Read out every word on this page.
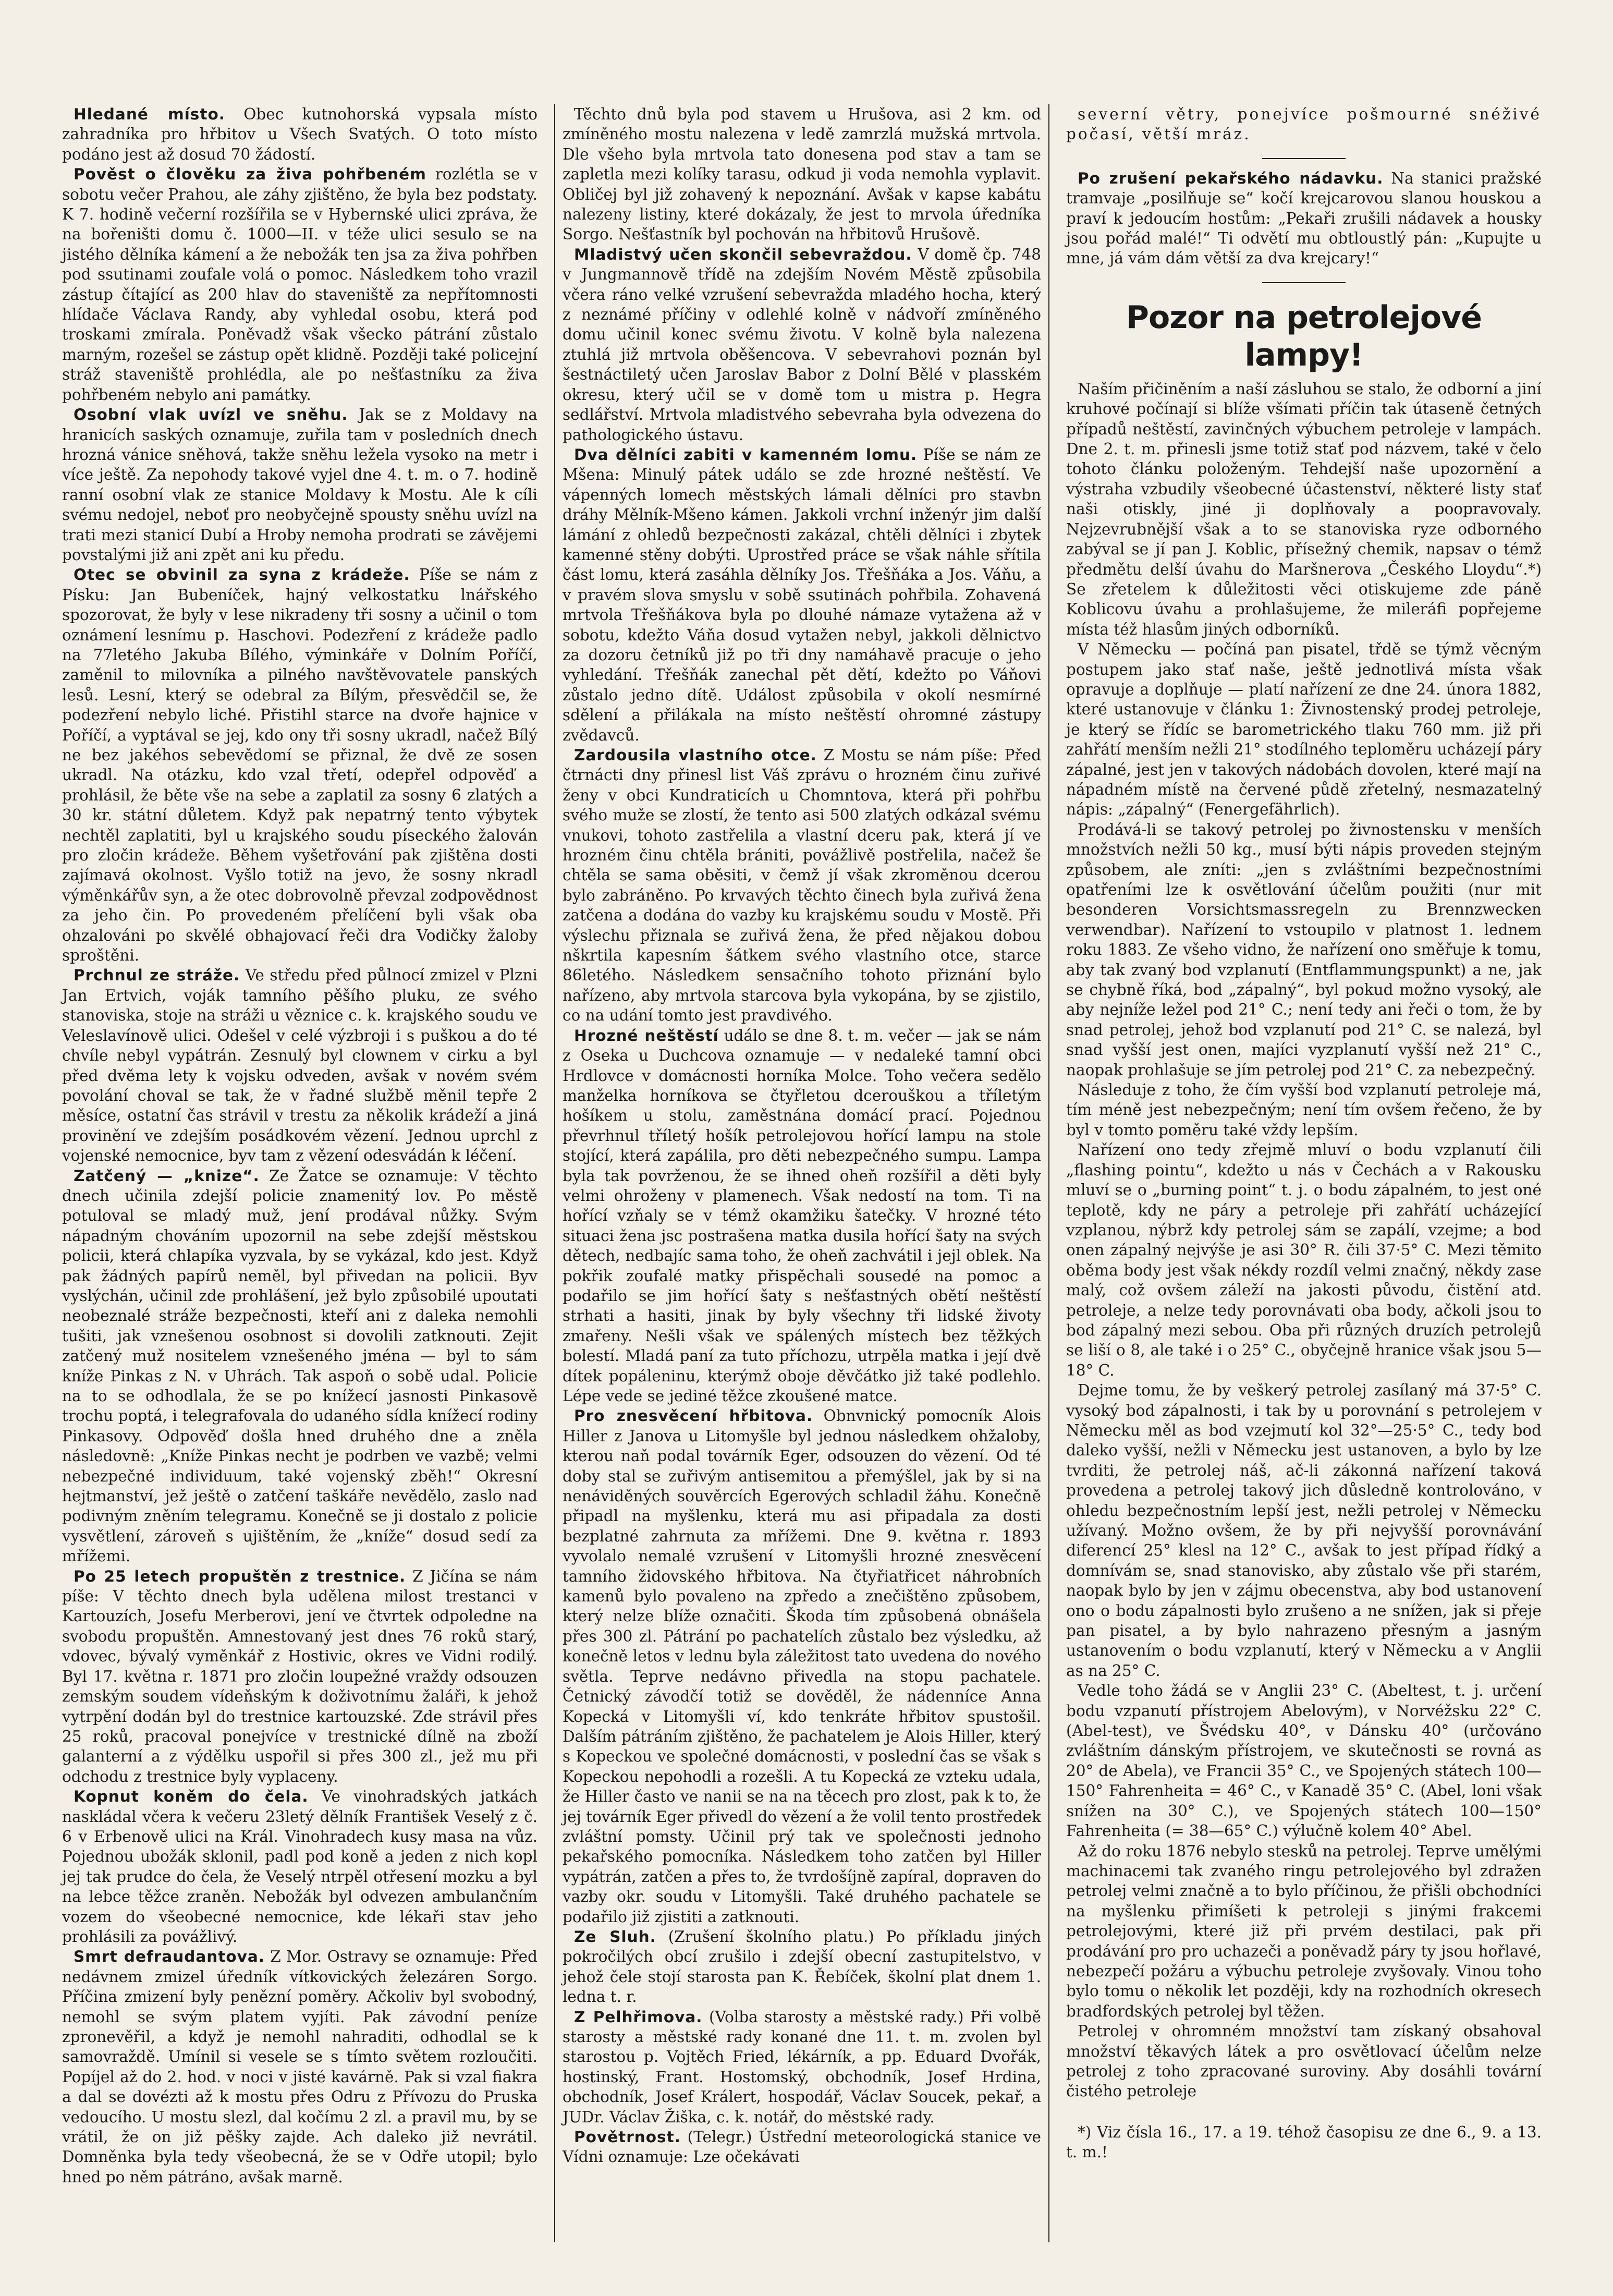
Hledané místo. Obec kutnohorská vypsala místo zahradníka pro hřbitov u Všech Svatých. O toto místo podáno jest až dosud 70 žádostí.
Pověst o člověku za živa pohřbeném rozlétla se v sobotu večer Prahou, ale záhy zjištěno, že byla bez podstaty. K 7. hodině večerní rozšířila se v Hybernské ulici zpráva, že na bořeništi domu č. 1000—II. v téže ulici sesulo se na jistého dělníka kámení a že nebožák ten jsa za živa pohřben pod ssutinami zoufale volá o pomoc. Následkem toho vrazil zástup čítající as 200 hlav do staveniště za nepřítomnosti hlídače Václava Randy, aby vyhledal osobu, která pod troskami zmírala. Poněvadž však všecko pátrání zůstalo marným, rozešel se zástup opět klidně. Později také policejní stráž staveniště prohlédla, ale po nešťastníku za živa pohřbeném nebylo ani památky.
Osobní vlak uvízl ve sněhu. Jak se z Moldavy na hranicích saských oznamuje, zuřila tam v posledních dnech hrozná vánice sněhová, takže sněhu ležela vysoko na metr i více ještě. Za nepohody takové vyjel dne 4. t. m. o 7. hodině ranní osobní vlak ze stanice Moldavy k Mostu. Ale k cíli svému nedojel, neboť pro neobyčejně spousty sněhu uvízl na trati mezi stanicí Dubí a Hroby nemoha prodrati se závějemi povstalými již ani zpět ani ku předu.
Otec se obvinil za syna z krádeže. Píše se nám z Písku: Jan Bubeníček, hajný velkostatku lnářského spozorovat, že byly v lese nikradeny tři sosny a učinil o tom oznámení lesnímu p. Haschovi. Podezření z krádeže padlo na 77letého Jakuba Bílého, výminkáře v Dolním Poříčí, zaměnil to milovníka a pilného navštěvovatele panských lesů. Lesní, který se odebral za Bílým, přesvědčil se, že podezření nebylo liché. Přistihl starce na dvoře hajnice v Poříčí, a vyptával se jej, kdo ony tři sosny ukradl, načež Bílý ne bez jakéhos sebevědomí se přiznal, že dvě ze sosen ukradl. Na otázku, kdo vzal třetí, odepřel odpověď a prohlásil, že běte vše na sebe a zaplatil za sosny 6 zlatých a 30 kr. státní důletem. Když pak nepatrný tento výbytek nechtěl zaplatiti, byl u krajského soudu píseckého žalován pro zločin krádeže. Během vyšetřování pak zjištěna dosti zajímavá okolnost. Vyšlo totiž na jevo, že sosny nkradl výměnkářův syn, a že otec dobrovolně převzal zodpovědnost za jeho čin. Po provedeném přelíčení byli však oba ohzalováni po skvělé obhajovací řeči dra Vodičky žaloby sproštěni.
Prchnul ze stráže. Ve středu před půlnocí zmizel v Plzni Jan Ertvich, voják tamního pěšího pluku, ze svého stanoviska, stoje na stráži u věznice c. k. krajského soudu ve Veleslavínově ulici. Odešel v celé výzbroji i s puškou a do té chvíle nebyl vypátrán. Zesnulý byl clownem v cirku a byl před dvěma lety k vojsku odveden, avšak v novém svém povolání choval se tak, že v řadné službě měnil tepře 2 měsíce, ostatní čas strávil v trestu za několik krádeží a jiná provinění ve zdejším posádkovém vězení. Jednou uprchl z vojenské nemocnice, byv tam z vězení odesvádán k léčení.
Zatčený — „knize“. Ze Žatce se oznamuje: V těchto dnech učinila zdejší policie znamenitý lov. Po městě potuloval se mladý muž, jení prodával nůžky. Svým nápadným chováním upozornil na sebe zdejší městskou policii, která chlapíka vyzvala, by se vykázal, kdo jest. Když pak žádných papírů neměl, byl přivedan na policii. Byv vyslýchán, učinil zde prohlášení, jež bylo způsobilé upoutati neobeznalé stráže bezpečnosti, kteří ani z daleka nemohli tušiti, jak vznešenou osobnost si dovolili zatknouti. Zejit zatčený muž nositelem vznešeného jména — byl to sám kníže Pinkas z N. v Uhrách. Tak aspoň o sobě udal. Policie na to se odhodlala, že se po knížecí jasnosti Pinkasově trochu poptá, i telegrafovala do udaného sídla knížecí rodiny Pinkasovy. Odpověď došla hned druhého dne a zněla následovně: „Kníže Pinkas necht je podrben ve vazbě; velmi nebezpečné individuum, také vojenský zběh!“ Okresní hejtmanství, jež ještě o zatčení taškáře nevědělo, zaslo nad podivným zněním telegramu. Konečně se ji dostalo z policie vysvětlení, zároveň s ujištěním, že „kníže“ dosud sedí za mřížemi.
Po 25 letech propuštěn z trestnice. Z Jičína se nám píše: V těchto dnech byla udělena milost trestanci v Kartouzích, Josefu Merberovi, jení ve čtvrtek odpoledne na svobodu propuštěn. Amnestovaný jest dnes 76 roků starý, vdovec, bývalý vyměnkář z Hostivic, okres ve Vidni rodilý. Byl 17. května r. 1871 pro zločin loupežné vraždy odsouzen zemským soudem vídeňským k doživotnímu žaláři, k jehož vytrpění dodán byl do trestnice kartouzské. Zde strávil přes 25 roků, pracoval ponejvíce v trestnické dílně na zboží galanterní a z výdělku uspořil si přes 300 zl., jež mu při odchodu z trestnice byly vyplaceny.
Kopnut koněm do čela. Ve vinohradských jatkách naskládal včera k večeru 23letý dělník František Veselý z č. 6 v Erbenově ulici na Král. Vinohradech kusy masa na vůz. Pojednou ubožák sklonil, padl pod koně a jeden z nich kopl jej tak prudce do čela, že Veselý ntrpěl otřesení mozku a byl na lebce těžce zraněn. Nebožák byl odvezen ambulančním vozem do všeobecné nemocnice, kde lékaři stav jeho prohlásili za povážlivý.
Smrt defraudantova. Z Mor. Ostravy se oznamuje: Před nedávnem zmizel úředník vítkovických železáren Sorgo. Příčina zmizení byly penězní poměry. Ačkoliv byl svobodný, nemohl se svým platem vyjíti. Pak závodní peníze zpronevěřil, a když je nemohl nahraditi, odhodlal se k samovraždě. Umínil si vesele se s tímto světem rozloučiti. Popíjel až do 2. hod. v noci v jisté kavárně. Pak si vzal fiakra a dal se dovézti až k mostu přes Odru z Přívozu do Pruska vedoucího. U mostu slezl, dal kočímu 2 zl. a pravil mu, by se vrátil, že on již pěšky zajde. Ach daleko již nevrátil. Domněnka byla tedy všeobecná, že se v Odře utopil; bylo hned po něm pátráno, avšak marně.
Těchto dnů byla pod stavem u Hrušova, asi 2 km. od zmíněného mostu nalezena v ledě zamrzlá mužská mrtvola. Dle všeho byla mrtvola tato donesena pod stav a tam se zapletla mezi kolíky tarasu, odkud ji voda nemohla vyplavit. Obličej byl již zohavený k nepoznání. Avšak v kapse kabátu nalezeny listiny, které dokázaly, že jest to mrvola úředníka Sorgo. Nešťastník byl pochován na hřbitovů Hrušově.
Mladistvý učen skončil sebevraždou. V domě čp. 748 v Jungmannově třídě na zdejším Novém Městě způsobila včera ráno velké vzrušení sebevražda mladého hocha, který z neznámé příčiny v odlehlé kolně v nádvoří zmíněného domu učinil konec svému životu. V kolně byla nalezena ztuhlá již mrtvola oběšencova. V sebevrahovi poznán byl šestnáctiletý učen Jaroslav Babor z Dolní Bělé v plasském okresu, který učil se v domě tom u mistra p. Hegra sedlářství. Mrtvola mladistvého sebevraha byla odvezena do pathologického ústavu.
Dva dělníci zabiti v kamenném lomu. Píše se nám ze Mšena: Minulý pátek událo se zde hrozné neštěstí. Ve vápenných lomech městských lámali dělníci pro stavbn dráhy Mělník-Mšeno kámen. Jakkoli vrchní inženýr jim další lámání z ohledů bezpečnosti zakázal, chtěli dělníci i zbytek kamenné stěny dobýti. Uprostřed práce se však náhle sřítila část lomu, která zasáhla dělníky Jos. Třešňáka a Jos. Váňu, a v pravém slova smyslu v sobě ssutinách pohřbila. Zohavená mrtvola Třešňákova byla po dlouhé námaze vytažena až v sobotu, kdežto Váňa dosud vytažen nebyl, jakkoli dělnictvo za dozoru četníků již po tři dny namáhavě pracuje o jeho vyhledání. Třešňák zanechal pět dětí, kdežto po Váňovi zůstalo jedno dítě. Událost způsobila v okolí nesmírné sdělení a přilákala na místo neštěstí ohromné zástupy zvědavců.
Zardousila vlastního otce. Z Mostu se nám píše: Před čtrnácti dny přinesl list Váš zprávu o hrozném činu zuřivé ženy v obci Kundraticích u Chomntova, která při pohřbu svého muže se zlostí, že tento asi 500 zlatých odkázal svému vnukovi, tohoto zastřelila a vlastní dceru pak, která jí ve hrozném činu chtěla brániti, povážlivě postřelila, načež še chtěla se sama oběsiti, v čemž jí však zkroměnou dcerou bylo zabráněno. Po krvavých těchto činech byla zuřivá žena zatčena a dodána do vazby ku krajskému soudu v Mostě. Při výslechu přiznala se zuřivá žena, že před nějakou dobou nškrtila kapesním šátkem svého vlastního otce, starce 86letého. Následkem sensačního tohoto přiznání bylo nařízeno, aby mrtvola starcova byla vykopána, by se zjistilo, co na udání tomto jest pravdivého.
Hrozné neštěstí událo se dne 8. t. m. večer — jak se nám z Oseka u Duchcova oznamuje — v nedaleké tamní obci Hrdlovce v domácnosti horníka Molce. Toho večera sedělo manželka horníkova se čtyřletou dcerouškou a tříletým hošíkem u stolu, zaměstnána domácí prací. Pojednou převrhnul tříletý hošík petrolejovou hořící lampu na stole stojící, která zapálila, pro děti nebezpečného sumpu. Lampa byla tak povrženou, že se ihned oheň rozšířil a děti byly velmi ohroženy v plamenech. Však nedostí na tom. Ti na hořící vzňaly se v témž okamžiku šatečky. V hrozné této situaci žena jsc postrašena matka dusila hořící šaty na svých dětech, nedbajíc sama toho, že oheň zachvátil i jejl oblek. Na pokřik zoufalé matky přispěchali sousedé na pomoc a podařilo se jim hořící šaty s nešťastných obětí neštěstí strhati a hasiti, jinak by byly všechny tři lidské životy zmařeny. Nešli však ve spálených místech bez těžkých bolestí. Mladá paní za tuto příchozu, utrpěla matka i její dvě dítek popáleninu, kterýmž oboje děvčátko již také podlehlo. Lépe vede se jediné těžce zkoušené matce.
Pro znesvěcení hřbitova. Obnvnický pomocník Alois Hiller z Janova u Litomyšle byl jednou následkem ohžaloby, kterou naň podal továrník Eger, odsouzen do vězení. Od té doby stal se zuřivým antisemitou a přemýšlel, jak by si na nenáviděných souvěrcích Egerových schladil žáhu. Konečně připadl na myšlenku, která mu asi připadala za dosti bezplatné zahrnuta za mřížemi. Dne 9. května r. 1893 vyvolalo nemalé vzrušení v Litomyšli hrozné znesvěcení tamního židovského hřbitova. Na čtyřiatřicet náhrobních kamenů bylo povaleno na zpředo a znečištěno způsobem, který nelze blíže označiti. Škoda tím způsobená obnášela přes 300 zl. Pátrání po pachatelích zůstalo bez výsledku, až konečně letos v lednu byla záležitost tato uvedena do nového světla. Teprve nedávno přivedla na stopu pachatele. Četnický závodčí totiž se dověděl, že nádenníce Anna Kopecká v Litomyšli ví, kdo tenkráte hřbitov spustošil. Dalším pátráním zjištěno, že pachatelem je Alois Hiller, který s Kopeckou ve společné domácnosti, v poslední čas se však s Kopeckou nepohodli a rozešli. A tu Kopecká ze vzteku udala, že Hiller často ve nanii se na na těcech pro zlost, pak k to, že jej továrník Eger přivedl do vězení a že volil tento prostředek zvláštní pomsty. Učinil prý tak ve společnosti jednoho pekařského pomocníka. Následkem toho zatčen byl Hiller vypátrán, zatčen a přes to, že tvrdošíjně zapíral, dopraven do vazby okr. soudu v Litomyšli. Také druhého pachatele se podařilo již zjistiti a zatknouti.
Ze Sluh. (Zrušení školního platu.) Po příkladu jiných pokročilých obcí zrušilo i zdejší obecní zastupitelstvo, v jehož čele stojí starosta pan K. Řebíček, školní plat dnem 1. ledna t. r.
Z Pelhřimova. (Volba starosty a městské rady.) Při volbě starosty a městské rady konané dne 11. t. m. zvolen byl starostou p. Vojtěch Fried, lékárník, a pp. Eduard Dvořák, hostinský, Frant. Hostomský, obchodník, Josef Hrdina, obchodník, Josef Králert, hospodář, Václav Soucek, pekař, a JUDr. Václav Žiška, c. k. notář, do městské rady.
Povětrnost. (Telegr.) Ústřední meteorologická stanice ve Vídni oznamuje: Lze očekávati
severní větry, ponejvíce pošmourné snéživé počasí, větší mráz.
Po zrušení pekařského nádavku. Na stanici pražské tramvaje „posilňuje se“ kočí krejcarovou slanou houskou a praví k jedoucím hostům: „Pekaři zrušili nádavek a housky jsou pořád malé!“ Ti odvětí mu obtloustlý pán: „Kupujte u mne, já vám dám větší za dva krejcary!“
Pozor na petrolejové lampy!
Naším přičiněním a naší zásluhou se stalo, že odborní a jiní kruhové počínají si blíže všímati příčin tak útaseně četných případů neštěstí, zavinčných výbuchem petroleje v lampách. Dne 2. t. m. přinesli jsme totiž stať pod názvem, také v čelo tohoto článku položeným. Tehdejší naše upozornění a výstraha vzbudily všeobecné účastenství, některé listy stať naši otiskly, jiné ji doplňovaly a poopravovaly. Nejzevrubnější však a to se stanoviska ryze odborného zabýval se jí pan J. Koblic, přísežný chemik, napsav o témž předmětu delší úvahu do Maršnerova „Českého Lloydu“.*) Se zřetelem k důležitosti věci otiskujeme zde páně Koblicovu úvahu a prohlašujeme, že mileráfi popřejeme místa též hlasům jiných odborníků.
V Německu — počíná pan pisatel, třdě se týmž věcným postupem jako stať naše, ještě jednotlivá místa však opravuje a doplňuje — platí nařízení ze dne 24. února 1882, které ustanovuje v článku 1: Živnostenský prodej petroleje, je který se řídíc se barometrického tlaku 760 mm. již při zahřátí menším nežli 21° stodílného teploměru ucházejí páry zápalné, jest jen v takových nádobách dovolen, které mají na nápadném místě na červené půdě zřetelný, nesmazatelný nápis: „zápalný“ (Fenergefährlich).
Prodává-li se takový petrolej po živnostensku v menších množstvích nežli 50 kg., musí býti nápis proveden stejným způsobem, ale zníti: „jen s zvláštními bezpečnostními opatřeními lze k osvětlování účelům použiti (nur mit besonderen Vorsichtsmassregeln zu Brennzwecken verwendbar). Nařízení to vstoupilo v platnost 1. lednem roku 1883. Ze všeho vidno, že nařízení ono směřuje k tomu, aby tak zvaný bod vzplanutí (Entflammungspunkt) a ne, jak se chybně říká, bod „zápalný“, byl pokud možno vysoký, ale aby nejníže ležel pod 21° C.; není tedy ani řeči o tom, že by snad petrolej, jehož bod vzplanutí pod 21° C. se nalezá, byl snad vyšší jest onen, majíci vyzplanutí vyšší než 21° C., naopak prohlašuje se jím petrolej pod 21° C. za nebezpečný.
Následuje z toho, že čím vyšší bod vzplanutí petroleje má, tím méně jest nebezpečným; není tím ovšem řečeno, že by byl v tomto poměru také vždy lepším.
Nařízení ono tedy zřejmě mluví o bodu vzplanutí čili „flashing pointu“, kdežto u nás v Čechách a v Rakousku mluví se o „burning point“ t. j. o bodu zápalném, to jest oné teplotě, kdy ne páry a petroleje při zahřátí ucházející vzplanou, nýbrž kdy petrolej sám se zapálí, vzejme; a bod onen zápalný nejvýše je asi 30° R. čili 37·5° C. Mezi těmito oběma body jest však nékdy rozdíl velmi značný, někdy zase malý, což ovšem záleží na jakosti původu, čistění atd. petroleje, a nelze tedy porovnávati oba body, ačkoli jsou to bod zápalný mezi sebou. Oba při různých druzích petrolejů se liší o 8, ale také i o 25° C., obyčejně hranice však jsou 5—18° C.
Dejme tomu, že by veškerý petrolej zasílaný má 37·5° C. vysoký bod zápalnosti, i tak by u porovnání s petrolejem v Německu měl as bod vzejmutí kol 32°—25·5° C., tedy bod daleko vyšší, nežli v Německu jest ustanoven, a bylo by lze tvrditi, že petrolej náš, ač-li zákonná nařízení taková provedena a petrolej takový jich důsledně kontrolováno, v ohledu bezpečnostním lepší jest, nežli petrolej v Německu užívaný. Možno ovšem, že by při nejvyšší porovnávání diferencí 25° klesl na 12° C., avšak to jest případ řídký a domnívám se, snad stanovisko, aby zůstalo vše při starém, naopak bylo by jen v zájmu obecenstva, aby bod ustanovení ono o bodu zápalnosti bylo zrušeno a ne snížen, jak si přeje pan pisatel, a by bylo nahrazeno přesným a jasným ustanovením o bodu vzplanutí, který v Německu a v Anglii as na 25° C.
Vedle toho žádá se v Anglii 23° C. (Abeltest, t. j. určení bodu vzpanutí přístrojem Abelovým), v Norvéžsku 22° C. (Abel-test), ve Švédsku 40°, v Dánsku 40° (určováno zvláštním dánským přístrojem, ve skutečnosti se rovná as 20° de Abela), ve Francii 35° C., ve Spojených státech 100—150° Fahrenheita = 46° C., v Kanadě 35° C. (Abel, loni však snížen na 30° C.), ve Spojených státech 100—150° Fahrenheita (= 38—65° C.) výlučně kolem 40° Abel.
Až do roku 1876 nebylo stesků na petrolej. Teprve umělými machinacemi tak zvaného ringu petrolejového byl zdražen petrolej velmi značně a to bylo příčinou, že přišli obchodníci na myšlenku přimíšeti k petroleji s jinými frakcemi petrolejovými, které již při prvém destilaci, pak při prodávání pro pro uchazeči a poněvadž páry ty jsou hořlavé, nebezpečí požáru a výbuchu petroleje zvyšovaly. Vinou toho bylo tomu o několik let později, kdy na rozhodních okresech bradfordských petrolej byl těžen.
Petrolej v ohromném množství tam získaný obsahoval množství těkavých látek a pro osvětlovací účelům nelze petrolej z toho zpracované suroviny. Aby dosáhli tovární čistého petroleje
*) Viz čísla 16., 17. a 19. téhož časopisu ze dne 6., 9. a 13. t. m.!
